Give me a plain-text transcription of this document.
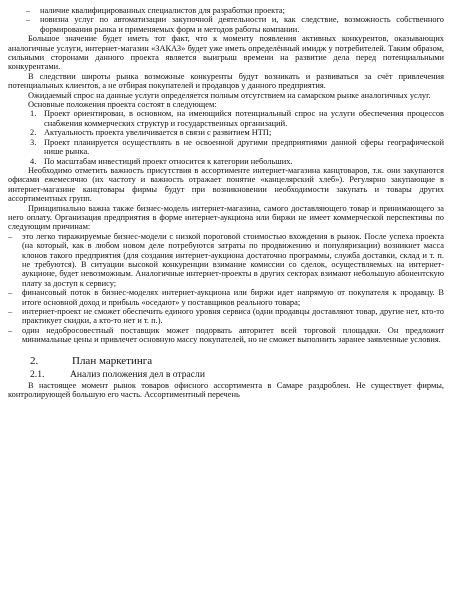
–	наличие квалифицированных специалистов для разработки проекта;
–	новизна услуг по автоматизации закупочной деятельности и, как следствие, возможность собственного формирования рынка и применяемых форм и методов работы компании.

Большое значение будет иметь тот факт, что к моменту появления активных конкурентов, оказывающих аналогичные услуги, интернет-магазин «ЗАКАЗ» будет уже иметь определённый имидж у потребителей. Таким образом, сильными сторонами данного проекта является выигрыш времени на развитие дела перед потенциальными конкурентами.

В следствии широты рынка возможные конкуренты будут возникать и развиваться за счёт привлечения потенциальных клиентов, а не отбирая покупателей и продавцов у данного предприятия.

Ожидаемый спрос на данные услуги определяется полным отсутствием на самарском рынке аналогичных услуг.

Основные положения проекта состоят в следующем:

1. Проект ориентирован, в основном, на имеющийся потенциальный спрос на услуги обеспечения процессов снабжения коммерческих структур и государственных организаций.
2. Актуальность проекта увеличивается в связи с развитием НТП;
3. Проект планируется осуществлять в не освоенной другими предприятиями данной сферы географической нише рынка.
4. По масштабам инвестиций проект относится к категории небольших.

Необходимо отметить важность присутствия в ассортименте интернет-магазина канцтоваров, т.к. они закупаются офисами ежемесячно (их частоту и важность отражает понятие «канцелярский хлеб»). Регулярно закупающие в интернет-магазине канцтовары фирмы будут при возникновении необходимости закупать и товары других ассортиментных групп.

Принципиально важна также бизнес-модель интернет-магазина, самого доставляющего товар и принимающего за него оплату. Организация предприятия в форме интернет-аукциона или биржи не имеет коммерческой перспективы по следующим причинам:

–	это легко тиражируемые бизнес-модели с низкой пороговой стоимостью вхождения в рынок. После успеха проекта (на который, как в любом новом деле потребуются затраты по продвижению и популяризации) возникнет масса клонов такого предприятия (для создания интернет-аукциона достаточно программы, служба доставки, склад и т. п. не требуются). В ситуации высокой конкуренции взимание комиссии со сделок, осуществляемых на интернет-аукционе, будет невозможным. Аналогичные интернет-проекты в других секторах взимают небольшую абонентскую плату за доступ к сервису;
–	финансовый поток в бизнес-моделях интернет-аукциона или биржи идет напрямую от покупателя к продавцу. В итоге основной доход и прибыль «оседают» у поставщиков реального товара;
–	интернет-проект не сможет обеспечить единого уровня сервиса (одни продавцы доставляют товар, другие нет, кто-то практикует скидки, а кто-то нет и т. п.).
–	один недобросовестный поставщик может подорвать авторитет всей торговой площадки. Он предложит минимальные цены и привлечет основную массу покупателей, но не сможет выполнить заранее заявленные условия.
2.	План маркетинга
2.1.	Анализ положения дел в отрасли

В настоящее момент рынок товаров офисного ассортимента в Самаре раздроблен. Не существует фирмы, контролирующей большую его часть. Ассортиментный перечень
